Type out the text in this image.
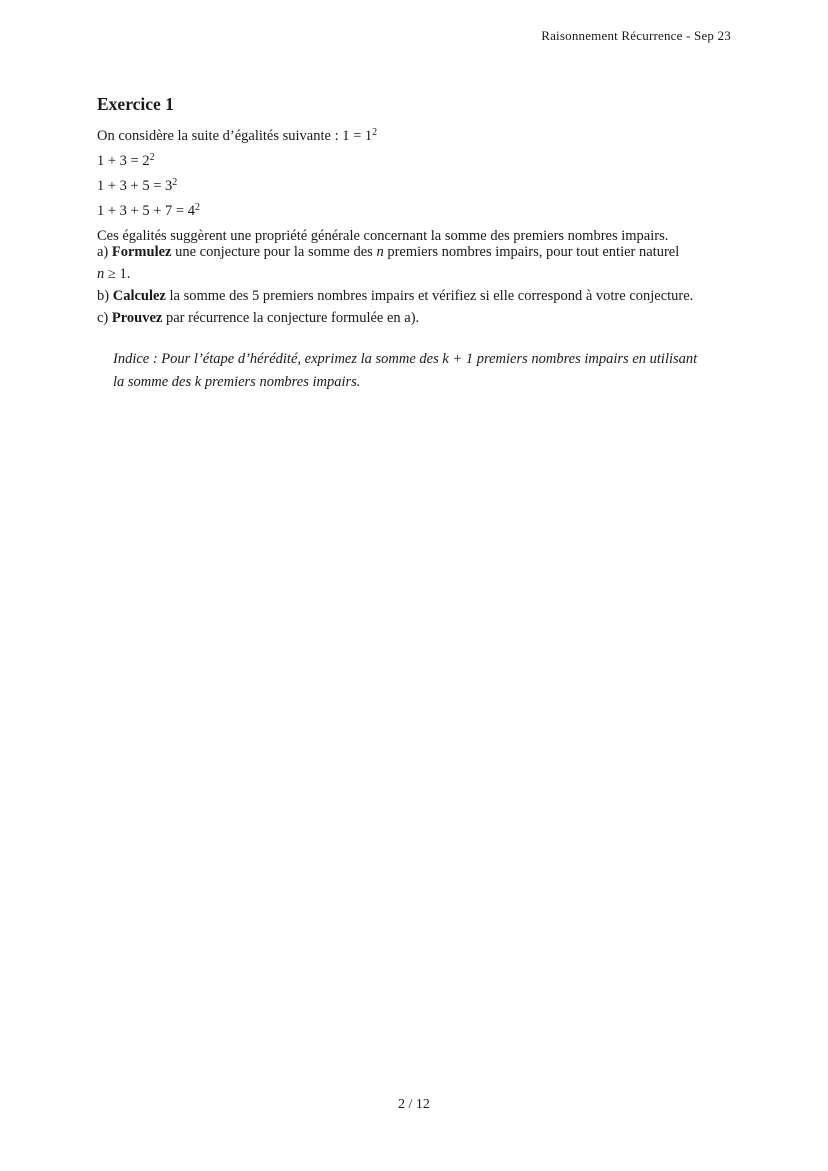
Raisonnement Récurrence - Sep 23
Exercice 1
On considère la suite d’égalités suivante : $1 = 1^2$
$1 + 3 = 2^2$
$1 + 3 + 5 = 3^2$
$1 + 3 + 5 + 7 = 4^2$
Ces égalités suggèrent une propriété générale concernant la somme des premiers nombres impairs.
a) Formulez une conjecture pour la somme des n premiers nombres impairs, pour tout entier naturel
n ≥ 1.
b) Calculez la somme des 5 premiers nombres impairs et vérifiez si elle correspond à votre conjecture.
c) Prouvez par récurrence la conjecture formulée en a).
Indice : Pour l’étape d’hérédité, exprimez la somme des k + 1 premiers nombres impairs en utilisant
la somme des k premiers nombres impairs.
2 / 12
